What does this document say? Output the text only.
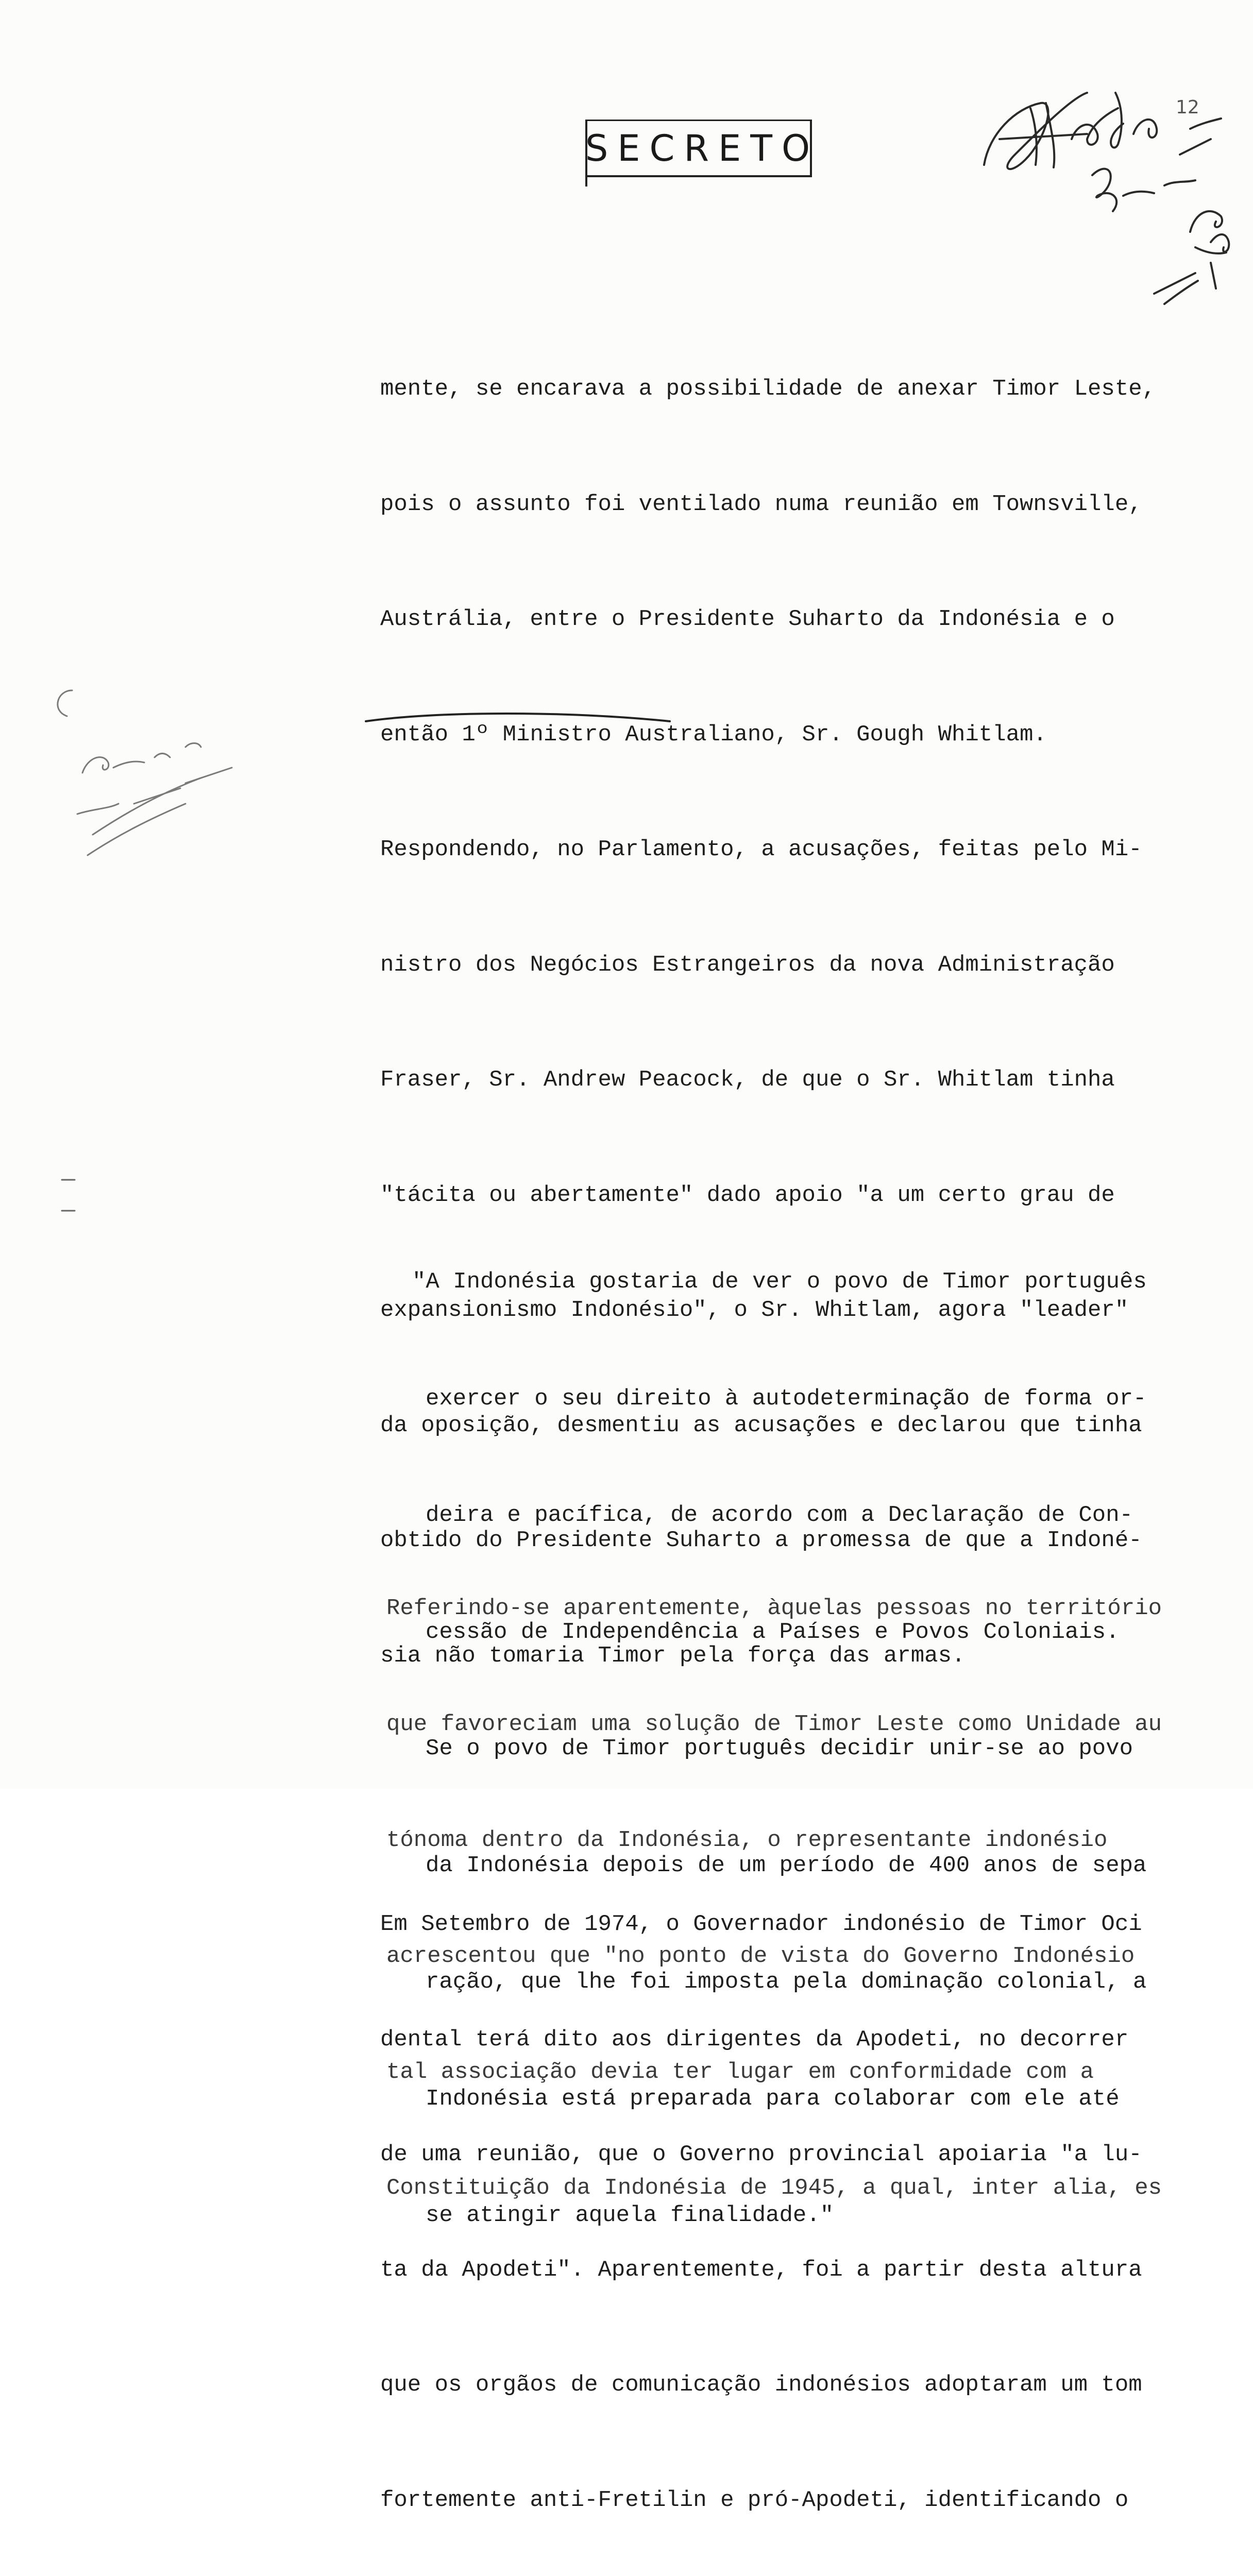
SECRETO
12

mente, se encarava a possibilidade de anexar Timor Leste,

pois o assunto foi ventilado numa reunião em Townsville,

Austrália, entre o Presidente Suharto da Indonésia e o

então 1º Ministro Australiano, Sr. Gough Whitlam.

Respondendo, no Parlamento, a acusações, feitas pelo Mi-

nistro dos Negócios Estrangeiros da nova Administração

Fraser, Sr. Andrew Peacock, de que o Sr. Whitlam tinha

"tácita ou abertamente" dado apoio "a um certo grau de

expansionismo Indonésio", o Sr. Whitlam, agora "leader"

da oposição, desmentiu as acusações e declarou que tinha

obtido do Presidente Suharto a promessa de que a Indoné-

sia não tomaria Timor pela força das armas.

Em Setembro de 1974, o Governador indonésio de Timor Oci

dental terá dito aos dirigentes da Apodeti, no decorrer

de uma reunião, que o Governo provincial apoiaria "a lu-

ta da Apodeti". Aparentemente, foi a partir desta altura

que os orgãos de comunicação indonésios adoptaram um tom

fortemente anti-Fretilin e pró-Apodeti, identificando o

"A Indonésia gostaria de ver o povo de Timor português

exercer o seu direito à autodeterminação de forma or-

deira e pacífica, de acordo com a Declaração de Con-

cessão de Independência a Países e Povos Coloniais.

Se o povo de Timor português decidir unir-se ao povo

da Indonésia depois de um período de 400 anos de sepa

ração, que lhe foi imposta pela dominação colonial, a

Indonésia está preparada para colaborar com ele até

se atingir aquela finalidade."

Referindo-se aparentemente, àquelas pessoas no território

que favoreciam uma solução de Timor Leste como Unidade au

tónoma dentro da Indonésia, o representante indonésio

acrescentou que "no ponto de vista do Governo Indonésio

tal associação devia ter lugar em conformidade com a

Constituição da Indonésia de 1945, a qual, inter alia, es
